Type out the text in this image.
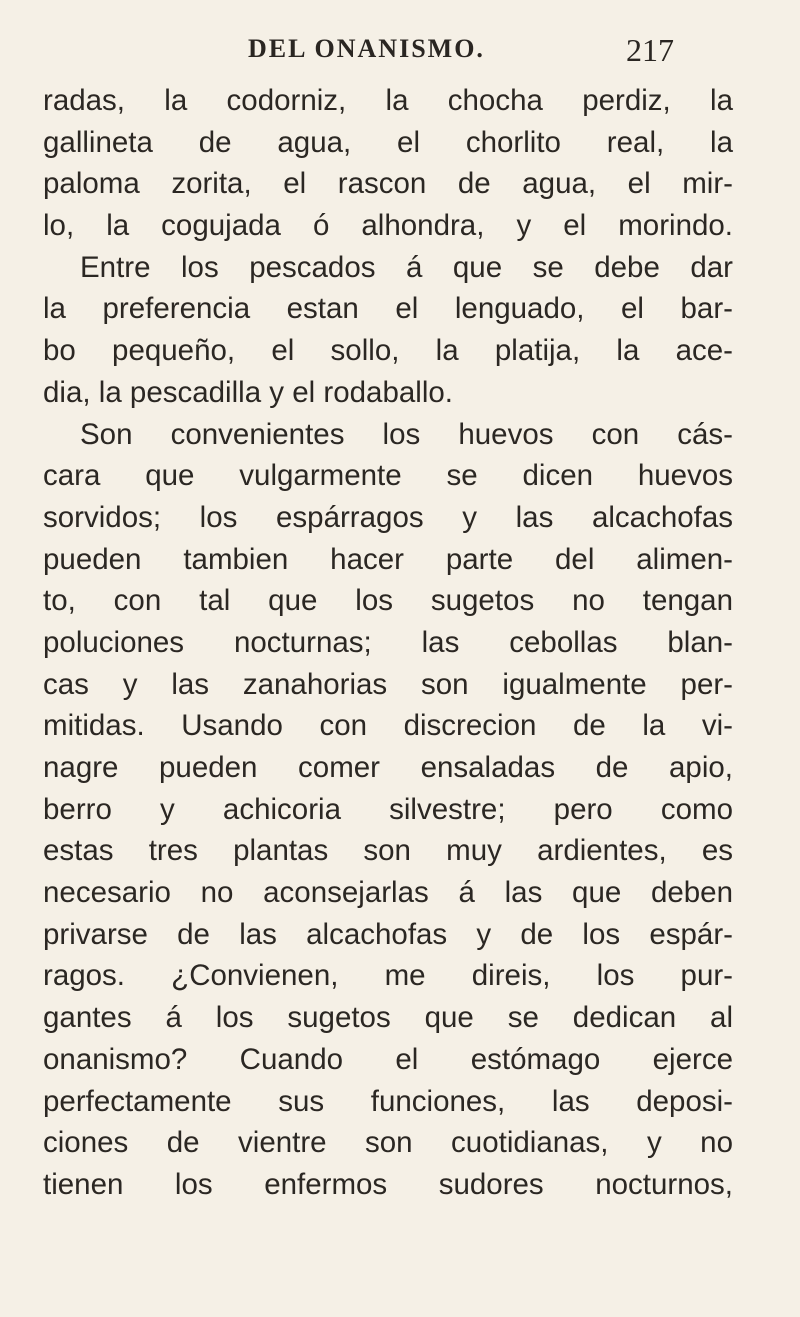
DEL ONANISMO.	217
radas, la codorniz, la chocha perdiz, la
gallineta de agua, el chorlito real, la
paloma zorita, el rascon de agua, el mir-
lo, la cogujada ó alhondra, y el morindo.
Entre los pescados á que se debe dar
la preferencia estan el lenguado, el bar-
bo pequeño, el sollo, la platija, la ace-
dia, la pescadilla y el rodaballo.
Son convenientes los huevos con cás-
cara que vulgarmente se dicen huevos
sorvidos; los espárragos y las alcachofas
pueden tambien hacer parte del alimen-
to, con tal que los sugetos no tengan
poluciones nocturnas; las cebollas blan-
cas y las zanahorias son igualmente per-
mitidas. Usando con discrecion de la vi-
nagre pueden comer ensaladas de apio,
berro y achicoria silvestre; pero como
estas tres plantas son muy ardientes, es
necesario no aconsejarlas á las que deben
privarse de las alcachofas y de los espár-
ragos. ¿Convienen, me direis, los pur-
gantes á los sugetos que se dedican al
onanismo? Cuando el estómago ejerce
perfectamente sus funciones, las deposi-
ciones de vientre son cuotidianas, y no
tienen los enfermos sudores nocturnos,
